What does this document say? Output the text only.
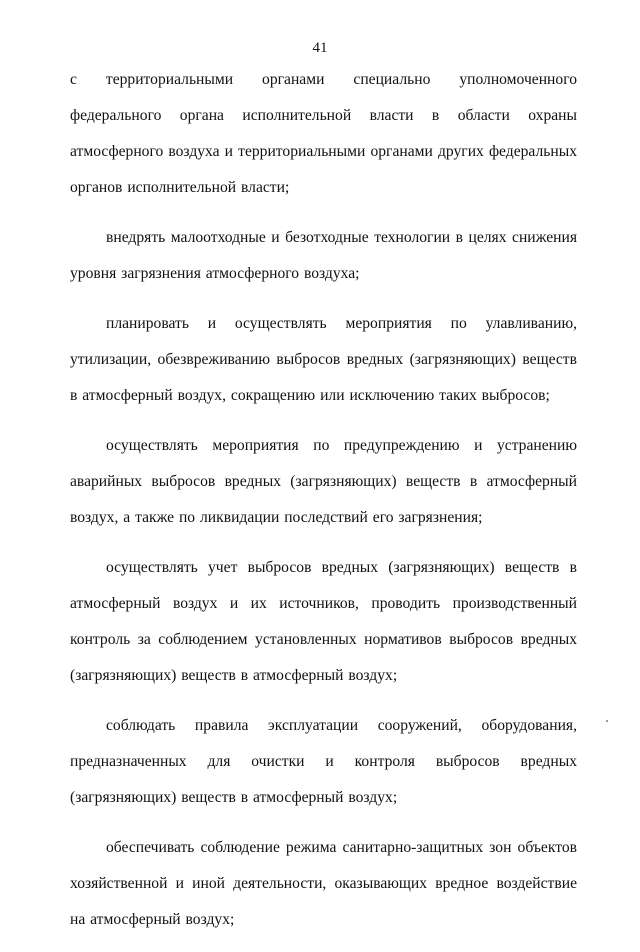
41

с территориальными органами специально уполномоченного федерального органа исполнительной власти в области охраны атмосферного воздуха и территориальными органами других федеральных органов исполнительной власти;

внедрять малоотходные и безотходные технологии в целях снижения уровня загрязнения атмосферного воздуха;

планировать и осуществлять мероприятия по улавливанию, утилизации, обезвреживанию выбросов вредных (загрязняющих) веществ в атмосферный воздух, сокращению или исключению таких выбросов;

осуществлять мероприятия по предупреждению и устранению аварийных выбросов вредных (загрязняющих) веществ в атмосферный воздух, а также по ликвидации последствий его загрязнения;

осуществлять учет выбросов вредных (загрязняющих) веществ в атмосферный воздух и их источников, проводить производственный контроль за соблюдением установленных нормативов выбросов вредных (загрязняющих) веществ в атмосферный воздух;

соблюдать правила эксплуатации сооружений, оборудования, предназначенных для очистки и контроля выбросов вредных (загрязняющих) веществ в атмосферный воздух;

обеспечивать соблюдение режима санитарно-защитных зон объектов хозяйственной и иной деятельности, оказывающих вредное воздействие на атмосферный воздух;
